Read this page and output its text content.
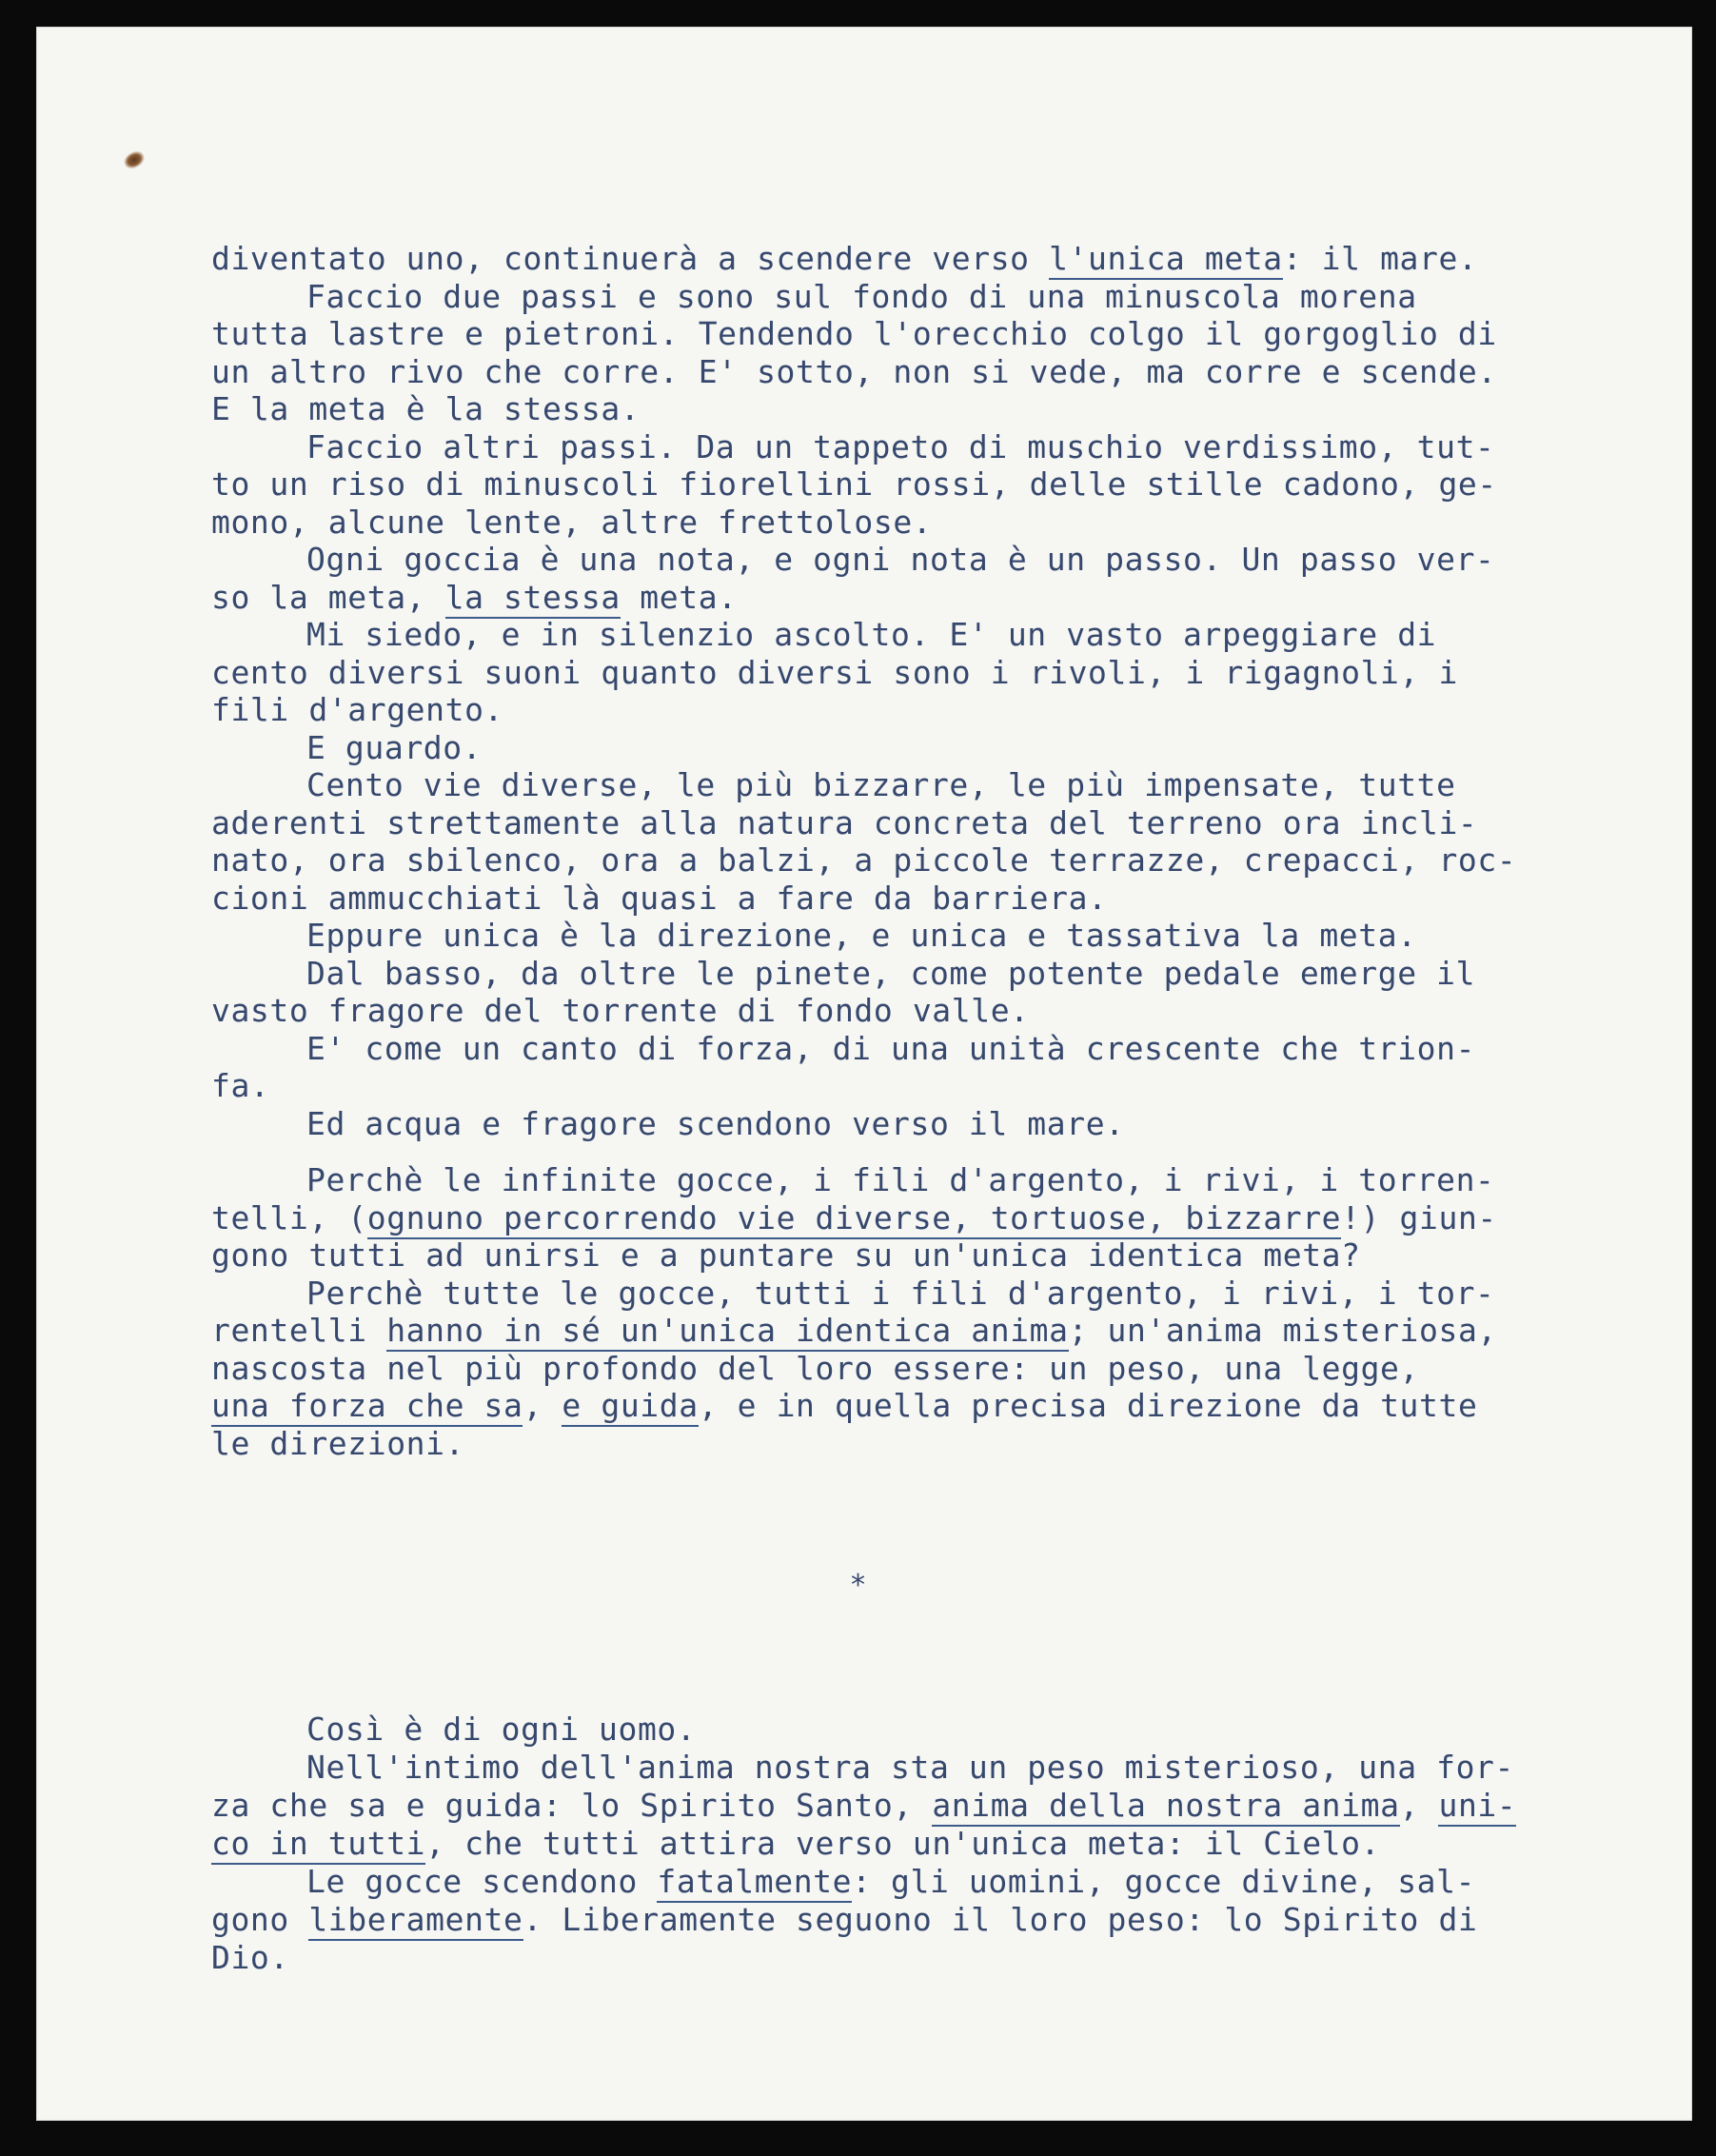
diventato uno, continuerà a scendere verso l'unica meta: il mare.
Faccio due passi e sono sul fondo di una minuscola morena
tutta lastre e pietroni. Tendendo l'orecchio colgo il gorgoglio di
un altro rivo che corre. E' sotto, non si vede, ma corre e scende.
E la meta è la stessa.
Faccio altri passi. Da un tappeto di muschio verdissimo, tut-
to un riso di minuscoli fiorellini rossi, delle stille cadono, ge-
mono, alcune lente, altre frettolose.
Ogni goccia è una nota, e ogni nota è un passo. Un passo ver-
so la meta, la stessa meta.
Mi siedo, e in silenzio ascolto. E' un vasto arpeggiare di
cento diversi suoni quanto diversi sono i rivoli, i rigagnoli, i
fili d'argento.
E guardo.
Cento vie diverse, le più bizzarre, le più impensate, tutte
aderenti strettamente alla natura concreta del terreno ora incli-
nato, ora sbilenco, ora a balzi, a piccole terrazze, crepacci, roc-
cioni ammucchiati là quasi a fare da barriera.
Eppure unica è la direzione, e unica e tassativa la meta.
Dal basso, da oltre le pinete, come potente pedale emerge il
vasto fragore del torrente di fondo valle.
E' come un canto di forza, di una unità crescente che trion-
fa.
Ed acqua e fragore scendono verso il mare.
Perchè le infinite gocce, i fili d'argento, i rivi, i torren-
telli, (ognuno percorrendo vie diverse, tortuose, bizzarre!) giun-
gono tutti ad unirsi e a puntare su un'unica identica meta?
Perchè tutte le gocce, tutti i fili d'argento, i rivi, i tor-
rentelli hanno in sé un'unica identica anima; un'anima misteriosa,
nascosta nel più profondo del loro essere: un peso, una legge,
una forza che sa, e guida, e in quella precisa direzione da tutte
le direzioni.
*
Così è di ogni uomo.
Nell'intimo dell'anima nostra sta un peso misterioso, una for-
za che sa e guida: lo Spirito Santo, anima della nostra anima, uni-
co in tutti, che tutti attira verso un'unica meta: il Cielo.
Le gocce scendono fatalmente: gli uomini, gocce divine, sal-
gono liberamente. Liberamente seguono il loro peso: lo Spirito di
Dio.
